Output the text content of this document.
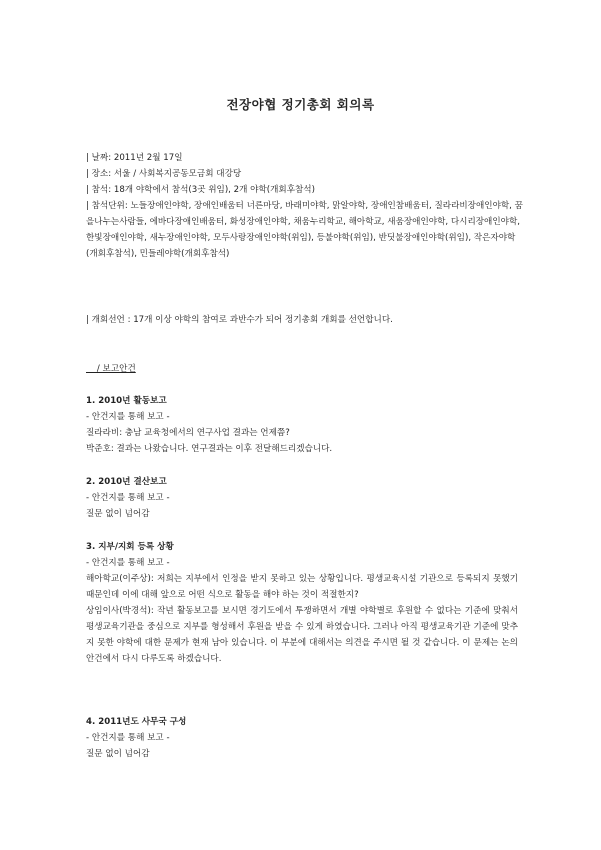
전장야협 정기총회 회의록
| 날짜: 2011년 2월 17일
| 장소: 서울 / 사회복지공동모금회 대강당
| 참석: 18개 야학에서 참석(3곳 위임), 2개 야학(개회후참석)
| 참석단위: 노들장애인야학, 장애인배움터 너른마당, 바래미야학, 맑알야학, 장애인참배움터, 질라라비장애인야학, 꿈을나누는사람들, 에바다장애인배움터, 화성장애인야학, 채움누리학교, 해아학교, 새움장애인야학, 다시리장애인야학, 한빛장애인야학, 새누장애인야학, 모두사랑장애인야학(위임), 등불야학(위임), 반딧불장애인야학(위임), 작은자야학(개회후참석), 민들레야학(개회후참석)
| 개회선언 : 17개 이상 야학의 참여로 과반수가 되어 정기총회 개회를 선언합니다.
/ 보고안건
1. 2010년 활동보고
- 안건지를 통해 보고 -
질라라비: 충남 교육청에서의 연구사업 결과는 언제쯤?
박준호: 결과는 나왔습니다. 연구결과는 이후 전달해드리겠습니다.
2. 2010년 결산보고
- 안건지를 통해 보고 -
질문 없이 넘어감
3. 지부/지회 등록 상황
- 안건지를 통해 보고 -
해아학교(이주상): 저희는 지부에서 인정을 받지 못하고 있는 상황입니다. 평생교육시설 기관으로 등록되지 못했기 때문인데 이에 대해 앞으로 어떤 식으로 활동을 해야 하는 것이 적절한지?
상임이사(박경석): 작년 활동보고를 보시면 경기도에서 투쟁하면서 개별 야학별로 후원할 수 없다는 기준에 맞춰서 평생교육기관을 중심으로 지부를 형성해서 후원을 받을 수 있게 하였습니다. 그러나 아직 평생교육기관 기준에 맞추지 못한 야학에 대한 문제가 현재 남아 있습니다. 이 부분에 대해서는 의견을 주시면 될 것 같습니다. 이 문제는 논의안건에서 다시 다루도록 하겠습니다.
4. 2011년도 사무국 구성
- 안건지를 통해 보고 -
질문 없이 넘어감
